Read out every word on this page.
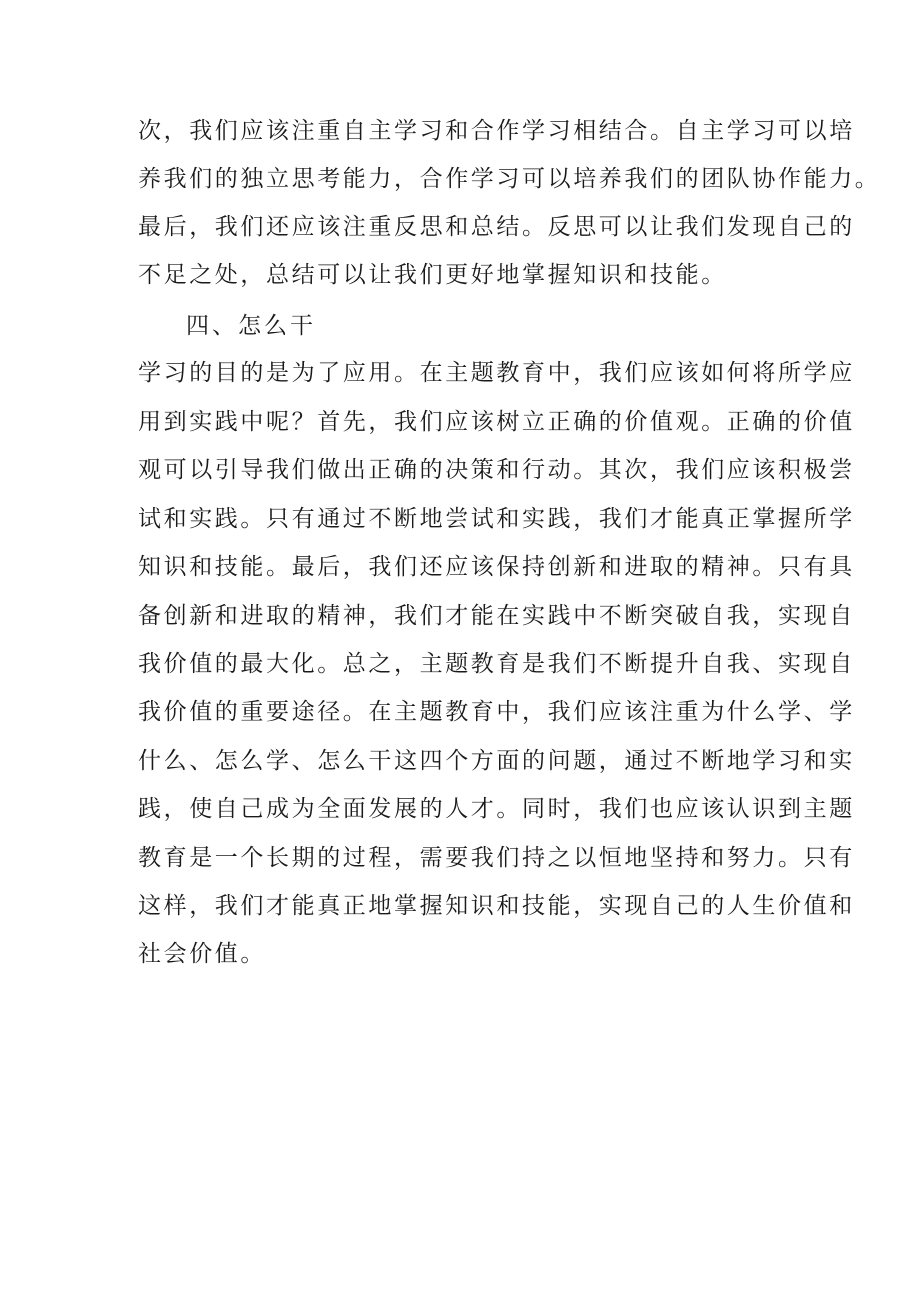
次，我们应该注重自主学习和合作学习相结合。自主学习可以培
养我们的独立思考能力，合作学习可以培养我们的团队协作能力。
最后，我们还应该注重反思和总结。反思可以让我们发现自己的
不足之处，总结可以让我们更好地掌握知识和技能。
四、怎么干
学习的目的是为了应用。在主题教育中，我们应该如何将所学应
用到实践中呢？首先，我们应该树立正确的价值观。正确的价值
观可以引导我们做出正确的决策和行动。其次，我们应该积极尝
试和实践。只有通过不断地尝试和实践，我们才能真正掌握所学
知识和技能。最后，我们还应该保持创新和进取的精神。只有具
备创新和进取的精神，我们才能在实践中不断突破自我，实现自
我价值的最大化。总之，主题教育是我们不断提升自我、实现自
我价值的重要途径。在主题教育中，我们应该注重为什么学、学
什么、怎么学、怎么干这四个方面的问题，通过不断地学习和实
践，使自己成为全面发展的人才。同时，我们也应该认识到主题
教育是一个长期的过程，需要我们持之以恒地坚持和努力。只有
这样，我们才能真正地掌握知识和技能，实现自己的人生价值和
社会价值。
